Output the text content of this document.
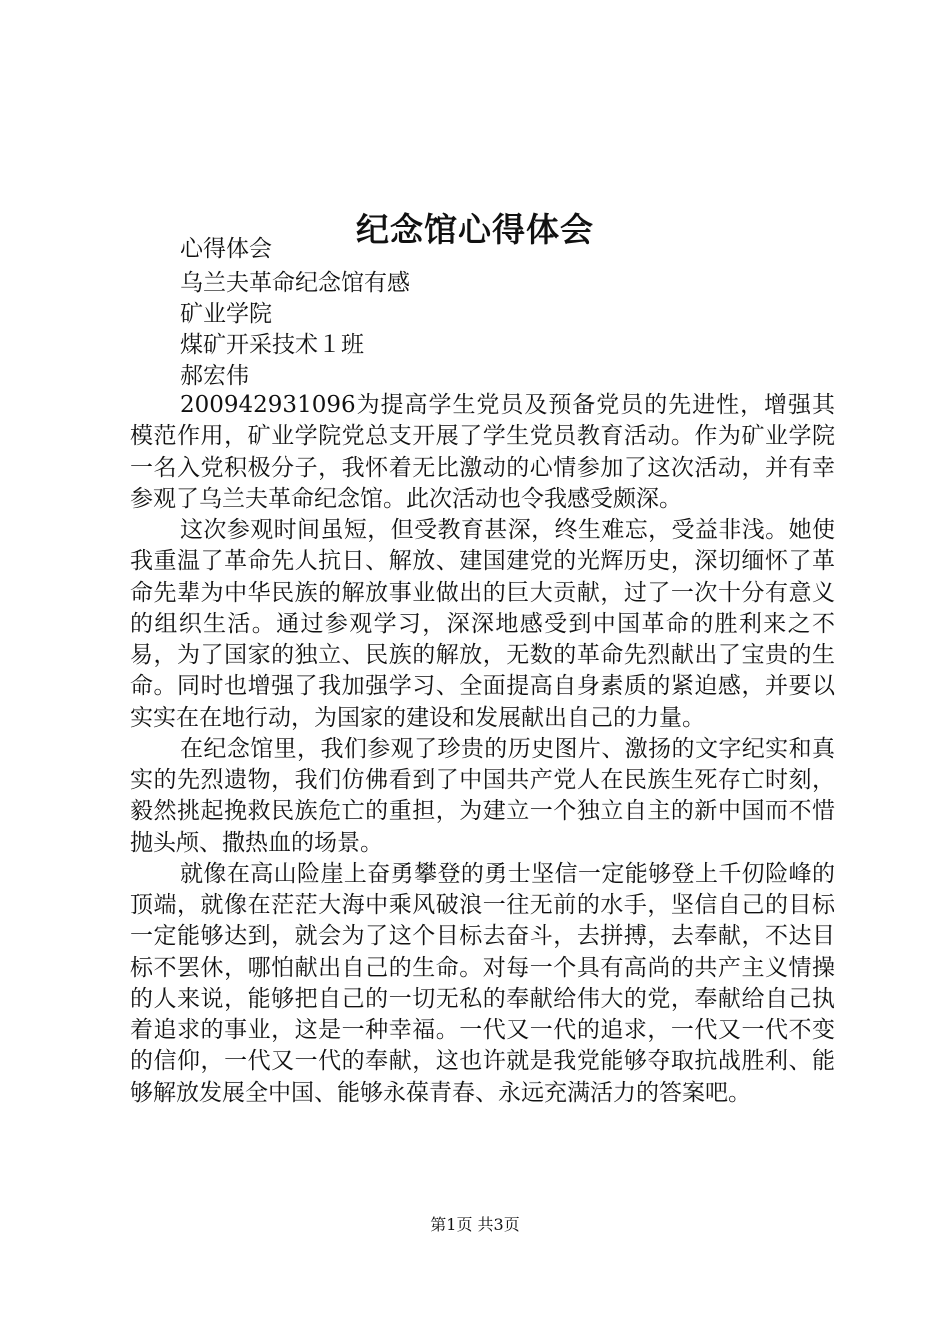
纪念馆心得体会
心得体会
乌兰夫革命纪念馆有感
矿业学院
煤矿开采技术１班
郝宏伟

200942931096为提高学生党员及预备党员的先进性，增强其模范作用，矿业学院党总支开展了学生党员教育活动。作为矿业学院一名入党积极分子，我怀着无比激动的心情参加了这次活动，并有幸参观了乌兰夫革命纪念馆。此次活动也令我感受颇深。

这次参观时间虽短，但受教育甚深，终生难忘，受益非浅。她使我重温了革命先人抗日、解放、建国建党的光辉历史，深切缅怀了革命先辈为中华民族的解放事业做出的巨大贡献，过了一次十分有意义的组织生活。通过参观学习，深深地感受到中国革命的胜利来之不易，为了国家的独立、民族的解放，无数的革命先烈献出了宝贵的生命。同时也增强了我加强学习、全面提高自身素质的紧迫感，并要以实实在在地行动，为国家的建设和发展献出自己的力量。

在纪念馆里，我们参观了珍贵的历史图片、激扬的文字纪实和真实的先烈遗物，我们仿佛看到了中国共产党人在民族生死存亡时刻，毅然挑起挽救民族危亡的重担，为建立一个独立自主的新中国而不惜抛头颅、撒热血的场景。

就像在高山险崖上奋勇攀登的勇士坚信一定能够登上千仞险峰的顶端，就像在茫茫大海中乘风破浪一往无前的水手，坚信自己的目标一定能够达到，就会为了这个目标去奋斗，去拼搏，去奉献，不达目标不罢休，哪怕献出自己的生命。对每一个具有高尚的共产主义情操的人来说，能够把自己的一切无私的奉献给伟大的党，奉献给自己执着追求的事业，这是一种幸福。一代又一代的追求，一代又一代不变的信仰，一代又一代的奉献，这也许就是我党能够夺取抗战胜利、能够解放发展全中国、能够永葆青春、永远充满活力的答案吧。

第1页 共3页
